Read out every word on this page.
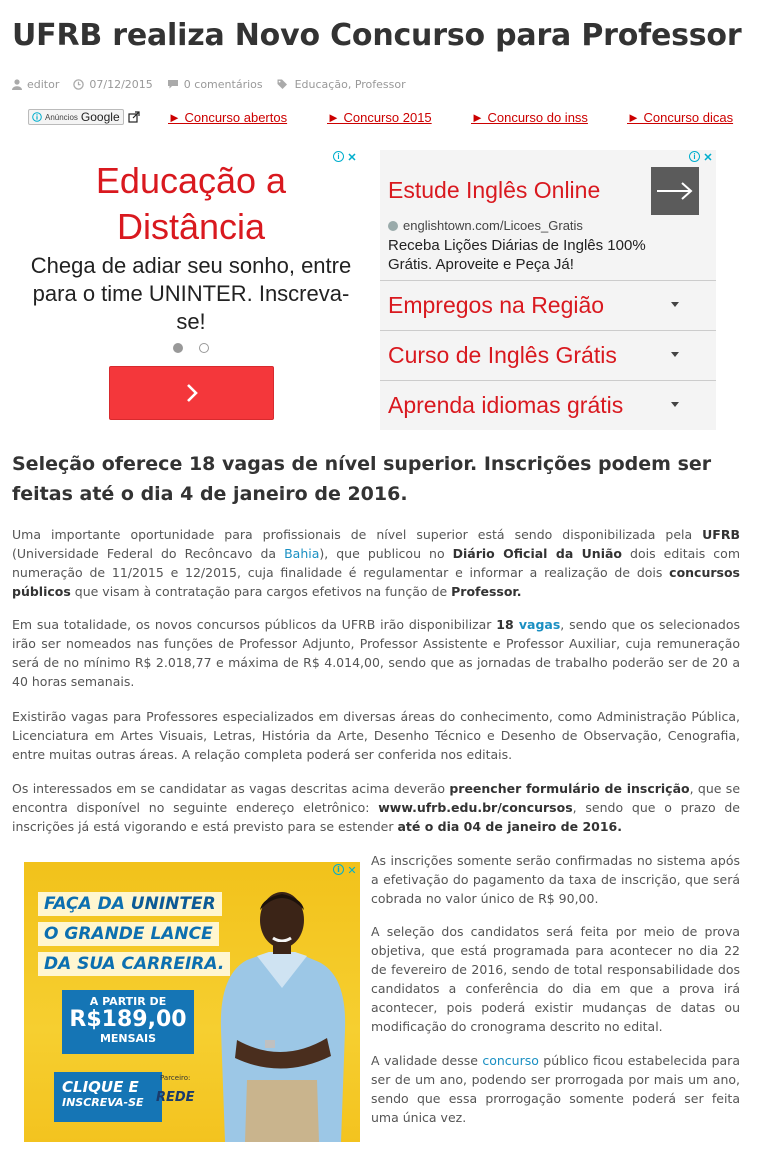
UFRB realiza Novo Concurso para Professor
editor	07/12/2015	0 comentários	Educação, Professor
Anúncios Google	► Concurso abertos	► Concurso 2015	► Concurso do inss	► Concurso dicas
i ✕
Educação a Distância
Chega de adiar seu sonho, entre para o time UNINTER. Inscreva-se!
i ✕
Estude Inglês Online
englishtown.com/Licoes_Gratis
Receba Lições Diárias de Inglês 100% Grátis. Aproveite e Peça Já!
Empregos na Região
Curso de Inglês Grátis
Aprenda idiomas grátis
Seleção oferece 18 vagas de nível superior. Inscrições podem ser feitas até o dia 4 de janeiro de 2016.

Uma importante oportunidade para profissionais de nível superior está sendo disponibilizada pela UFRB (Universidade Federal do Recôncavo da Bahia), que publicou no Diário Oficial da União dois editais com numeração de 11/2015 e 12/2015, cuja finalidade é regulamentar e informar a realização de dois concursos públicos que visam à contratação para cargos efetivos na função de Professor.

Em sua totalidade, os novos concursos públicos da UFRB irão disponibilizar 18 vagas, sendo que os selecionados irão ser nomeados nas funções de Professor Adjunto, Professor Assistente e Professor Auxiliar, cuja remuneração será de no mínimo R$ 2.018,77 e máxima de R$ 4.014,00, sendo que as jornadas de trabalho poderão ser de 20 a 40 horas semanais.

Existirão vagas para Professores especializados em diversas áreas do conhecimento, como Administração Pública, Licenciatura em Artes Visuais, Letras, História da Arte, Desenho Técnico e Desenho de Observação, Cenografia, entre muitas outras áreas. A relação completa poderá ser conferida nos editais.

Os interessados em se candidatar as vagas descritas acima deverão preencher formulário de inscrição, que se encontra disponível no seguinte endereço eletrônico: www.ufrb.edu.br/concursos, sendo que o prazo de inscrições já está vigorando e está previsto para se estender até o dia 04 de janeiro de 2016.

i ✕
FAÇA DA UNINTER
O GRANDE LANCE
DA SUA CARREIRA.
A PARTIR DE
R$189,00
MENSAIS
CLIQUE E
INSCREVA-SE
Parceiro:
REDE

As inscrições somente serão confirmadas no sistema após a efetivação do pagamento da taxa de inscrição, que será cobrada no valor único de R$ 90,00.

A seleção dos candidatos será feita por meio de prova objetiva, que está programada para acontecer no dia 22 de fevereiro de 2016, sendo de total responsabilidade dos candidatos a conferência do dia em que a prova irá acontecer, pois poderá existir mudanças de datas ou modificação do cronograma descrito no edital.

A validade desse concurso público ficou estabelecida para ser de um ano, podendo ser prorrogada por mais um ano, sendo que essa prorrogação somente poderá ser feita uma única vez.
